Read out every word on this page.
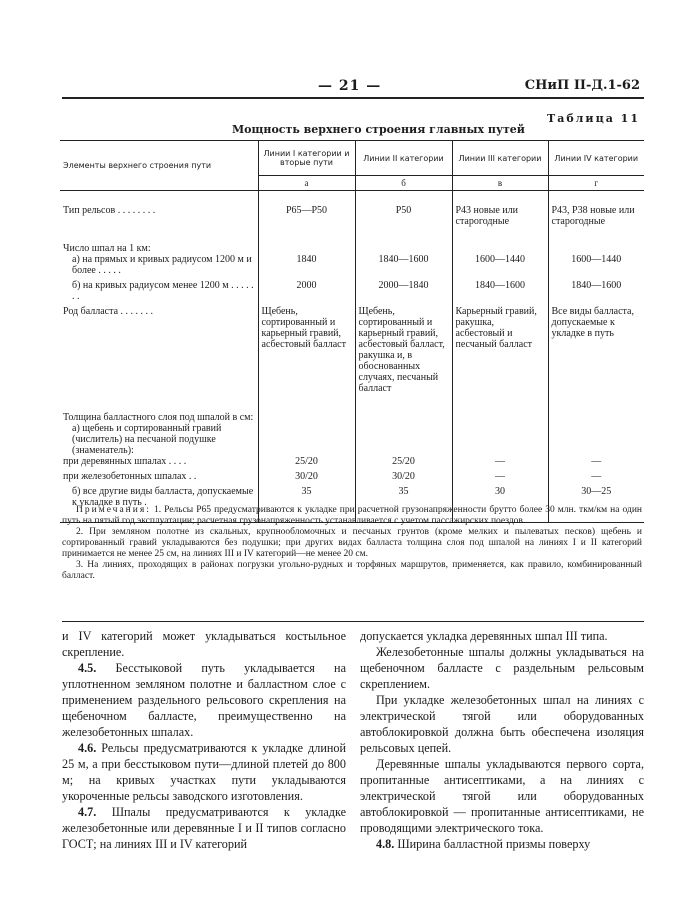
— 21 —	СНиП II-Д.1-62
Таблица 11
Мощность верхнего строения главных путей
Элементы верхнего строения пути	Линии I категории и вторые пути	Линии II категории	Линии III категории	Линии IV категории
	а	б	в	г
Тип рельсов . . . . . . . .	Р65—Р50	Р50	Р43 новые или старогодные	Р43, Р38 новые или старогодные
Число шпал на 1 км:				
а) на прямых и кривых радиусом 1200 м и более . . . . .	1840	1840—1600	1600—1440	1600—1440
б) на кривых радиусом менее 1200 м . . . . . . .	2000	2000—1840	1840—1600	1840—1600
Род балласта . . . . . . .	Щебень, сортированный и карьерный гравий, асбестовый балласт	Щебень, сортированный и карьерный гравий, асбестовый балласт, ракушка и, в обоснованных случаях, песчаный балласт	Карьерный гравий, ракушка, асбестовый и песчаный балласт	Все виды балласта, допускаемые к укладке в путь
Толщина балластного слоя под шпалой в см:				
а) щебень и сортированный гравий (числитель) на песчаной подушке (знаменатель):				
при деревянных шпалах . . . .	25/20	25/20	—	—
при железобетонных шпалах . .	30/20	30/20	—	—
б) все другие виды балласта, допускаемые к укладке в путь .	35	35	30	30—25

Примечания: 1. Рельсы Р65 предусматриваются к укладке при расчетной грузонапряженности брутто более 30 млн. ткм/км на один путь на пятый год эксплуатации; расчетная грузонапряженность устанавливается с учетом пассажирских поездов.

2. При земляном полотне из скальных, крупнообломочных и песчаных грунтов (кроме мелких и пылеватых песков) щебень и сортированный гравий укладываются без подушки; при других видах балласта толщина слоя под шпалой на линиях I и II категорий принимается не менее 25 см, на линиях III и IV категорий—не менее 20 см.

3. На линиях, проходящих в районах погрузки угольно-рудных и торфяных маршрутов, применяется, как правило, комбинированный балласт.

и IV категорий может укладываться костыльное скрепление.

4.5. Бесстыковой путь укладывается на уплотненном земляном полотне и балластном слое с применением раздельного рельсового скрепления на щебеночном балласте, преимущественно на железобетонных шпалах.

4.6. Рельсы предусматриваются к укладке длиной 25 м, а при бесстыковом пути—длиной плетей до 800 м; на кривых участках пути укладываются укороченные рельсы заводского изготовления.

4.7. Шпалы предусматриваются к укладке железобетонные или деревянные I и II типов согласно ГОСТ; на линиях III и IV категорий

допускается укладка деревянных шпал III типа.

Железобетонные шпалы должны укладываться на щебеночном балласте с раздельным рельсовым скреплением.

При укладке железобетонных шпал на линиях с электрической тягой или оборудованных автоблокировкой должна быть обеспечена изоляция рельсовых цепей.

Деревянные шпалы укладываются первого сорта, пропитанные антисептиками, а на линиях с электрической тягой или оборудованных автоблокировкой — пропитанные антисептиками, не проводящими электрического тока.

4.8. Ширина балластной призмы поверху
